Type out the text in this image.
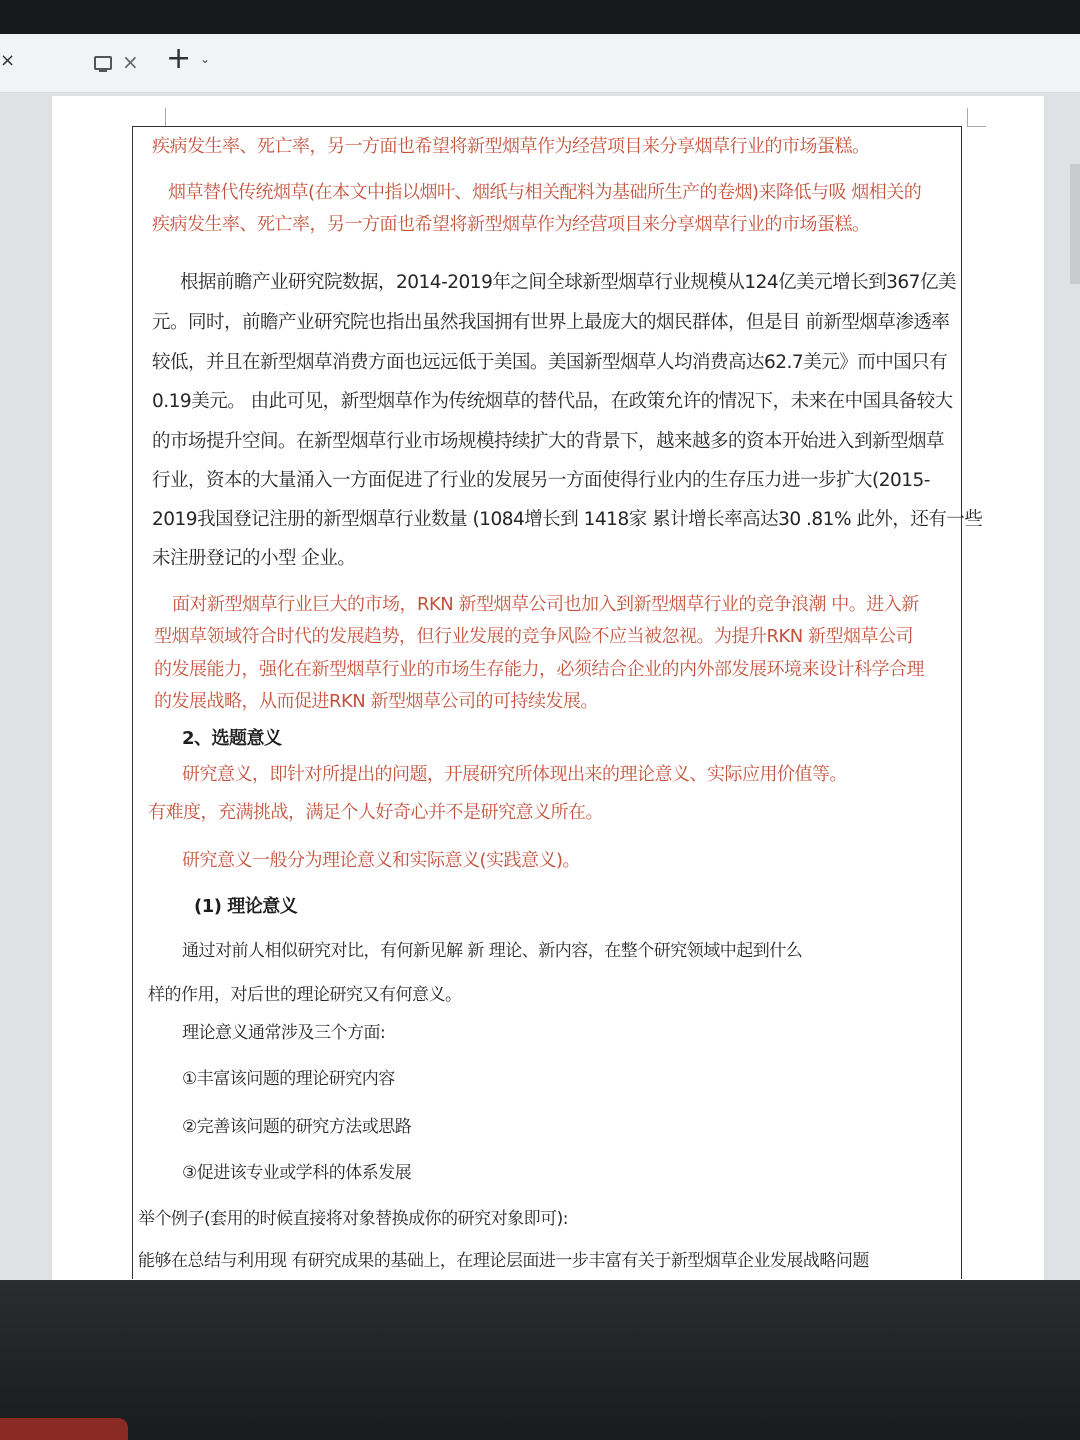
×	× + ⌄
疾病发生率、死亡率，另一方面也希望将新型烟草作为经营项目来分享烟草行业的市场蛋糕。
烟草替代传统烟草(在本文中指以烟叶、烟纸与相关配料为基础所生产的卷烟)来降低与吸 烟相关的
疾病发生率、死亡率，另一方面也希望将新型烟草作为经营项目来分享烟草行业的市场蛋糕。
根据前瞻产业研究院数据，2014-2019年之间全球新型烟草行业规模从124亿美元增长到367亿美
元。同时，前瞻产业研究院也指出虽然我国拥有世界上最庞大的烟民群体，但是目 前新型烟草渗透率
较低，并且在新型烟草消费方面也远远低于美国。美国新型烟草人均消费高达62.7美元》而中国只有
0.19美元。 由此可见，新型烟草作为传统烟草的替代品，在政策允许的情况下，未来在中国具备较大
的市场提升空间。在新型烟草行业市场规模持续扩大的背景下，越来越多的资本开始进入到新型烟草
行业，资本的大量涌入一方面促进了行业的发展另一方面使得行业内的生存压力进一步扩大(2015-
2019我国登记注册的新型烟草行业数量 (1084增长到 1418家 累计增长率高达30 .81% 此外，还有一些
未注册登记的小型 企业。
面对新型烟草行业巨大的市场，RKN 新型烟草公司也加入到新型烟草行业的竞争浪潮 中。进入新
型烟草领域符合时代的发展趋势，但行业发展的竞争风险不应当被忽视。为提升RKN 新型烟草公司
的发展能力，强化在新型烟草行业的市场生存能力，必须结合企业的内外部发展环境来设计科学合理
的发展战略，从而促进RKN 新型烟草公司的可持续发展。
2、选题意义
研究意义，即针对所提出的问题，开展研究所体现出来的理论意义、实际应用价值等。
有难度，充满挑战，满足个人好奇心并不是研究意义所在。
研究意义一般分为理论意义和实际意义(实践意义)。
(1) 理论意义
通过对前人相似研究对比，有何新见解 新 理论、新内容，在整个研究领域中起到什么
样的作用，对后世的理论研究又有何意义。
理论意义通常涉及三个方面:
①丰富该问题的理论研究内容
②完善该问题的研究方法或思路
③促进该专业或学科的体系发展
举个例子(套用的时候直接将对象替换成你的研究对象即可):
能够在总结与利用现 有研究成果的基础上，在理论层面进一步丰富有关于新型烟草企业发展战略问题
